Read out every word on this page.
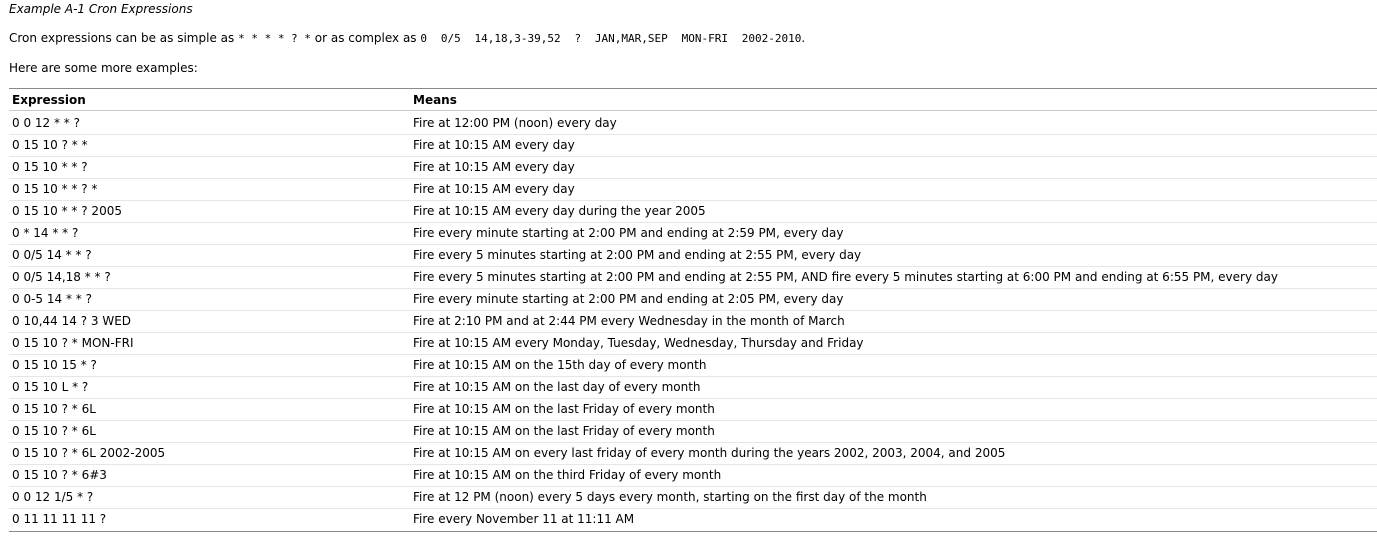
Example A-1 Cron Expressions
Cron expressions can be as simple as * * * * ? * or as complex as 0 0/5 14,18,3-39,52 ? JAN,MAR,SEP MON-FRI 2002-2010.
Here are some more examples:
Expression	Means
0 0 12 * * ?	Fire at 12:00 PM (noon) every day
0 15 10 ? * *	Fire at 10:15 AM every day
0 15 10 * * ?	Fire at 10:15 AM every day
0 15 10 * * ? *	Fire at 10:15 AM every day
0 15 10 * * ? 2005	Fire at 10:15 AM every day during the year 2005
0 * 14 * * ?	Fire every minute starting at 2:00 PM and ending at 2:59 PM, every day
0 0/5 14 * * ?	Fire every 5 minutes starting at 2:00 PM and ending at 2:55 PM, every day
0 0/5 14,18 * * ?	Fire every 5 minutes starting at 2:00 PM and ending at 2:55 PM, AND fire every 5 minutes starting at 6:00 PM and ending at 6:55 PM, every day
0 0-5 14 * * ?	Fire every minute starting at 2:00 PM and ending at 2:05 PM, every day
0 10,44 14 ? 3 WED	Fire at 2:10 PM and at 2:44 PM every Wednesday in the month of March
0 15 10 ? * MON-FRI	Fire at 10:15 AM every Monday, Tuesday, Wednesday, Thursday and Friday
0 15 10 15 * ?	Fire at 10:15 AM on the 15th day of every month
0 15 10 L * ?	Fire at 10:15 AM on the last day of every month
0 15 10 ? * 6L	Fire at 10:15 AM on the last Friday of every month
0 15 10 ? * 6L	Fire at 10:15 AM on the last Friday of every month
0 15 10 ? * 6L 2002-2005	Fire at 10:15 AM on every last friday of every month during the years 2002, 2003, 2004, and 2005
0 15 10 ? * 6#3	Fire at 10:15 AM on the third Friday of every month
0 0 12 1/5 * ?	Fire at 12 PM (noon) every 5 days every month, starting on the first day of the month
0 11 11 11 11 ?	Fire every November 11 at 11:11 AM
